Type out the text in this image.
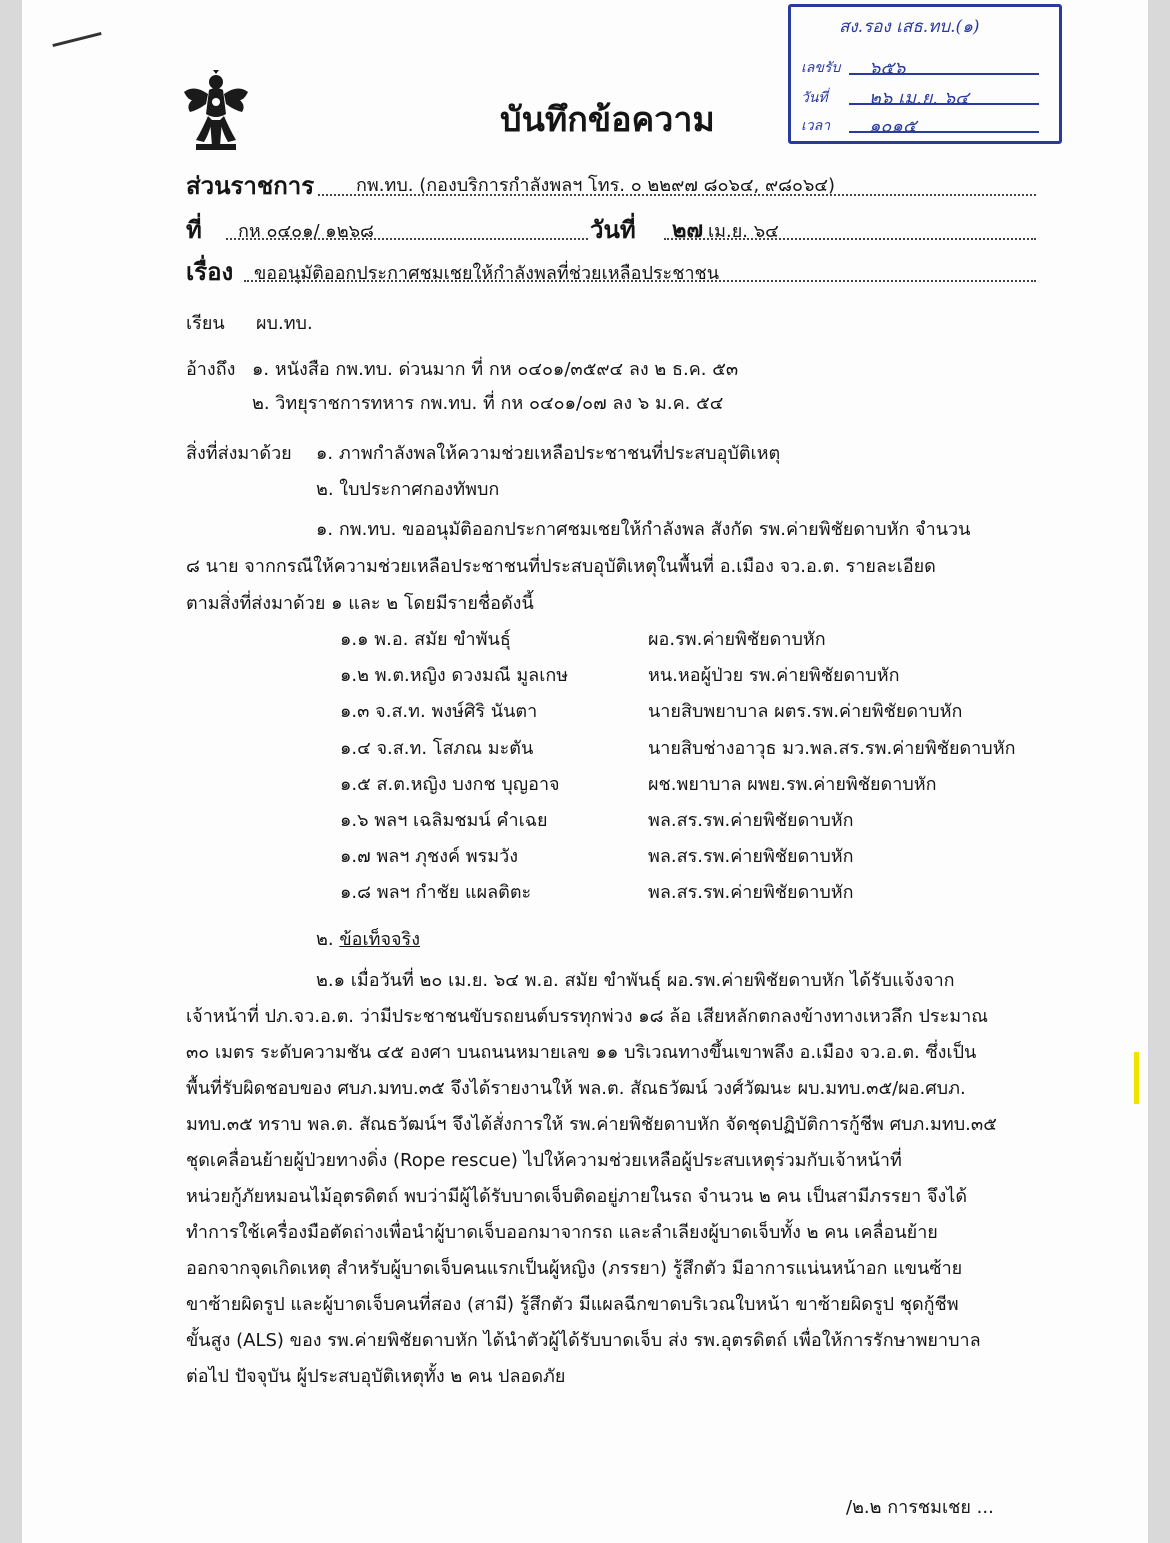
สง.รอง เสธ.ทบ.(๑)
เลขรับ ๖๕๖
วันที่ ๒๖ เม.ย. ๖๔
เวลา ๑๐๑๕
บันทึกข้อความ
ส่วนราชการ กพ.ทบ. (กองบริการกำลังพลฯ โทร. ๐ ๒๒๙๗ ๘๐๖๔, ๙๘๐๖๔)
ที่ กห ๐๔๐๑/ ๑๒๖๘	วันที่ ๒๗ เม.ย. ๖๔
เรื่อง ขออนุมัติออกประกาศชมเชยให้กำลังพลที่ช่วยเหลือประชาชน
เรียน ผบ.ทบ.
อ้างถึง ๑. หนังสือ กพ.ทบ. ด่วนมาก ที่ กห ๐๔๐๑/๓๕๙๔ ลง ๒ ธ.ค. ๕๓
๒. วิทยุราชการทหาร กพ.ทบ. ที่ กห ๐๔๐๑/๐๗ ลง ๖ ม.ค. ๕๔
สิ่งที่ส่งมาด้วย ๑. ภาพกำลังพลให้ความช่วยเหลือประชาชนที่ประสบอุบัติเหตุ
๒. ใบประกาศกองทัพบก
๑. กพ.ทบ. ขออนุมัติออกประกาศชมเชยให้กำลังพล สังกัด รพ.ค่ายพิชัยดาบหัก จำนวน
๘ นาย จากกรณีให้ความช่วยเหลือประชาชนที่ประสบอุบัติเหตุในพื้นที่ อ.เมือง จว.อ.ต. รายละเอียด
ตามสิ่งที่ส่งมาด้วย ๑ และ ๒ โดยมีรายชื่อดังนี้
๑.๑ พ.อ. สมัย ขำพันธุ์	ผอ.รพ.ค่ายพิชัยดาบหัก
๑.๒ พ.ต.หญิง ดวงมณี มูลเกษ	หน.หอผู้ป่วย รพ.ค่ายพิชัยดาบหัก
๑.๓ จ.ส.ท. พงษ์ศิริ นันตา	นายสิบพยาบาล ผตร.รพ.ค่ายพิชัยดาบหัก
๑.๔ จ.ส.ท. โสภณ มะตัน	นายสิบช่างอาวุธ มว.พล.สร.รพ.ค่ายพิชัยดาบหัก
๑.๕ ส.ต.หญิง บงกช บุญอาจ	ผช.พยาบาล ผพย.รพ.ค่ายพิชัยดาบหัก
๑.๖ พลฯ เฉลิมชมน์ คำเฉย	พล.สร.รพ.ค่ายพิชัยดาบหัก
๑.๗ พลฯ ภุชงค์ พรมวัง	พล.สร.รพ.ค่ายพิชัยดาบหัก
๑.๘ พลฯ กำชัย แผลติตะ	พล.สร.รพ.ค่ายพิชัยดาบหัก
๒. ข้อเท็จจริง
๒.๑ เมื่อวันที่ ๒๐ เม.ย. ๖๔ พ.อ. สมัย ขำพันธุ์ ผอ.รพ.ค่ายพิชัยดาบหัก ได้รับแจ้งจาก
เจ้าหน้าที่ ปภ.จว.อ.ต. ว่ามีประชาชนขับรถยนต์บรรทุกพ่วง ๑๘ ล้อ เสียหลักตกลงข้างทางเหวลึก ประมาณ
๓๐ เมตร ระดับความชัน ๔๕ องศา บนถนนหมายเลข ๑๑ บริเวณทางขึ้นเขาพลึง อ.เมือง จว.อ.ต. ซึ่งเป็น
พื้นที่รับผิดชอบของ ศบภ.มทบ.๓๕ จึงได้รายงานให้ พล.ต. สัณธวัฒน์ วงศ์วัฒนะ ผบ.มทบ.๓๕/ผอ.ศบภ.
มทบ.๓๕ ทราบ พล.ต. สัณธวัฒน์ฯ จึงได้สั่งการให้ รพ.ค่ายพิชัยดาบหัก จัดชุดปฏิบัติการกู้ชีพ ศบภ.มทบ.๓๕
ชุดเคลื่อนย้ายผู้ป่วยทางดิ่ง (Rope rescue) ไปให้ความช่วยเหลือผู้ประสบเหตุร่วมกับเจ้าหน้าที่
หน่วยกู้ภัยหมอนไม้อุตรดิตถ์ พบว่ามีผู้ได้รับบาดเจ็บติดอยู่ภายในรถ จำนวน ๒ คน เป็นสามีภรรยา จึงได้
ทำการใช้เครื่องมือตัดถ่างเพื่อนำผู้บาดเจ็บออกมาจากรถ และลำเลียงผู้บาดเจ็บทั้ง ๒ คน เคลื่อนย้าย
ออกจากจุดเกิดเหตุ สำหรับผู้บาดเจ็บคนแรกเป็นผู้หญิง (ภรรยา) รู้สึกตัว มีอาการแน่นหน้าอก แขนซ้าย
ขาซ้ายผิดรูป และผู้บาดเจ็บคนที่สอง (สามี) รู้สึกตัว มีแผลฉีกขาดบริเวณใบหน้า ขาซ้ายผิดรูป ชุดกู้ชีพ
ขั้นสูง (ALS) ของ รพ.ค่ายพิชัยดาบหัก ได้นำตัวผู้ได้รับบาดเจ็บ ส่ง รพ.อุตรดิตถ์ เพื่อให้การรักษาพยาบาล
ต่อไป ปัจจุบัน ผู้ประสบอุบัติเหตุทั้ง ๒ คน ปลอดภัย
/๒.๒ การชมเชย ...
